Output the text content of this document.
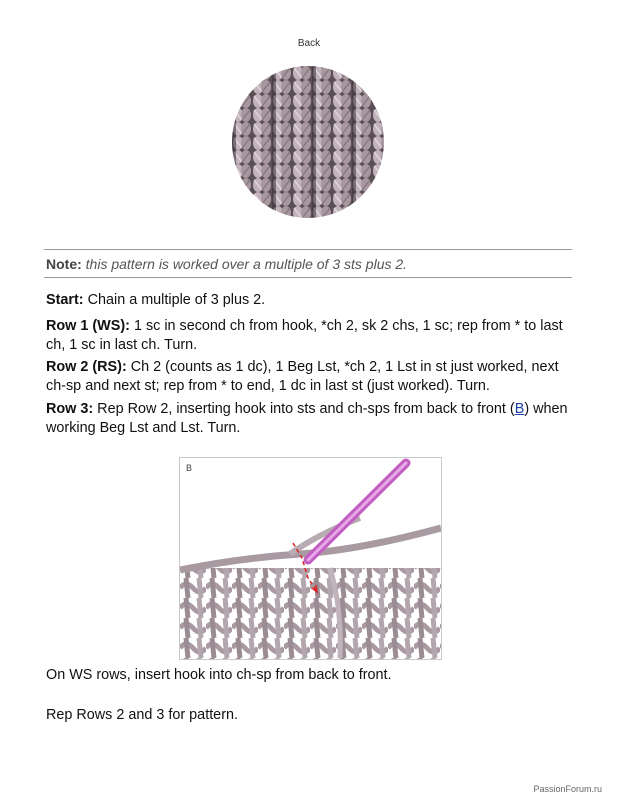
Back
Note: this pattern is worked over a multiple of 3 sts plus 2.
Start: Chain a multiple of 3 plus 2.
Row 1 (WS): 1 sc in second ch from hook, *ch 2, sk 2 chs, 1 sc; rep from * to last ch, 1 sc in last ch. Turn.
Row 2 (RS): Ch 2 (counts as 1 dc), 1 Beg Lst, *ch 2, 1 Lst in st just worked, next ch-sp and next st; rep from * to end, 1 dc in last st (just worked). Turn.
Row 3: Rep Row 2, inserting hook into sts and ch-sps from back to front (B) when working Beg Lst and Lst. Turn.
B
On WS rows, insert hook into ch-sp from back to front.
Rep Rows 2 and 3 for pattern.
PassionForum.ru
